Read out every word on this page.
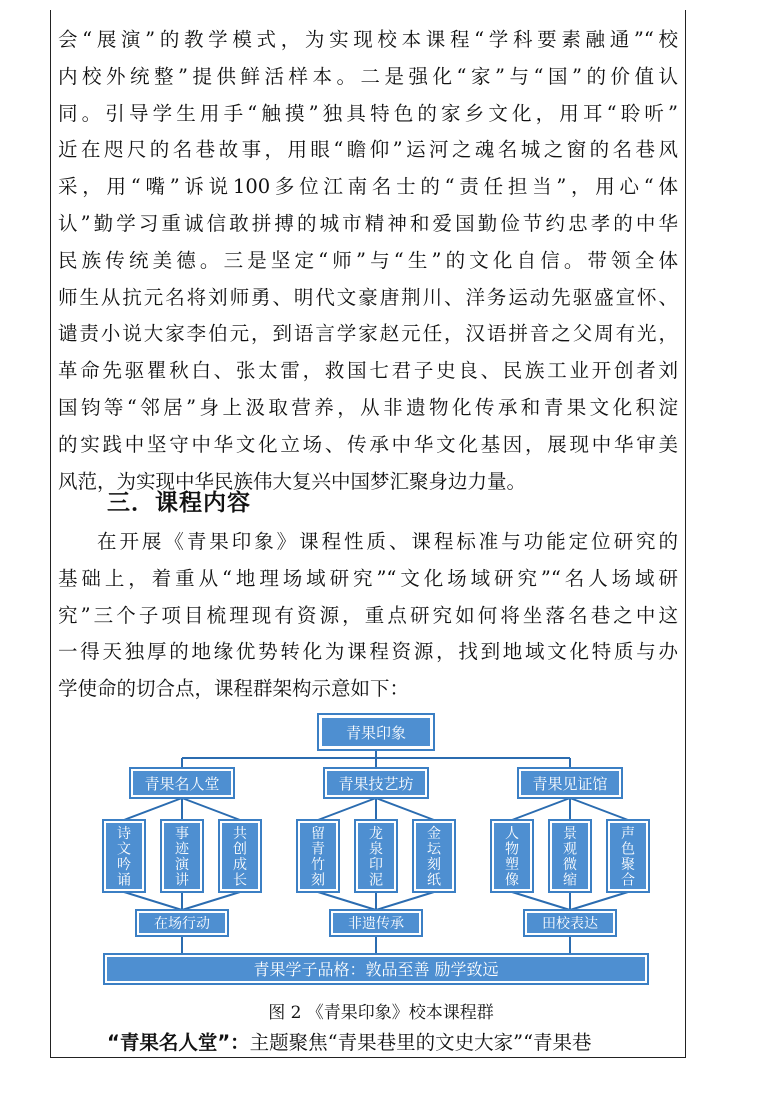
会“展演”的教学模式，为实现校本课程“学科要素融通”“校
内校外统整”提供鲜活样本。二是强化“家”与“国”的价值认
同。引导学生用手“触摸”独具特色的家乡文化，用耳“聆听”
近在咫尺的名巷故事，用眼“瞻仰”运河之魂名城之窗的名巷风
采，用“嘴”诉说100多位江南名士的“责任担当”，用心“体
认”勤学习重诚信敢拼搏的城市精神和爱国勤俭节约忠孝的中华
民族传统美德。三是坚定“师”与“生”的文化自信。带领全体
师生从抗元名将刘师勇、明代文豪唐荆川、洋务运动先驱盛宣怀、
谴责小说大家李伯元，到语言学家赵元任，汉语拼音之父周有光，
革命先驱瞿秋白、张太雷，救国七君子史良、民族工业开创者刘
国钧等“邻居”身上汲取营养，从非遗物化传承和青果文化积淀
的实践中坚守中华文化立场、传承中华文化基因，展现中华审美
风范，为实现中华民族伟大复兴中国梦汇聚身边力量。
三．课程内容
在开展《青果印象》课程性质、课程标准与功能定位研究的
基础上，着重从“地理场域研究”“文化场域研究”“名人场域研
究”三个子项目梳理现有资源，重点研究如何将坐落名巷之中这
一得天独厚的地缘优势转化为课程资源，找到地域文化特质与办
学使命的切合点，课程群架构示意如下：
青果印象
青果名人堂	青果技艺坊	青果见证馆
诗文吟诵
事迹演讲
共创成长
留青竹刻
龙泉印泥
金坛刻纸
人物塑像
景观微缩
声色聚合
在场行动	非遗传承	田校表达
青果学子品格：敦品至善 励学致远
图 2 《青果印象》校本课程群
“青果名人堂”：主题聚焦“青果巷里的文史大家”“青果巷
